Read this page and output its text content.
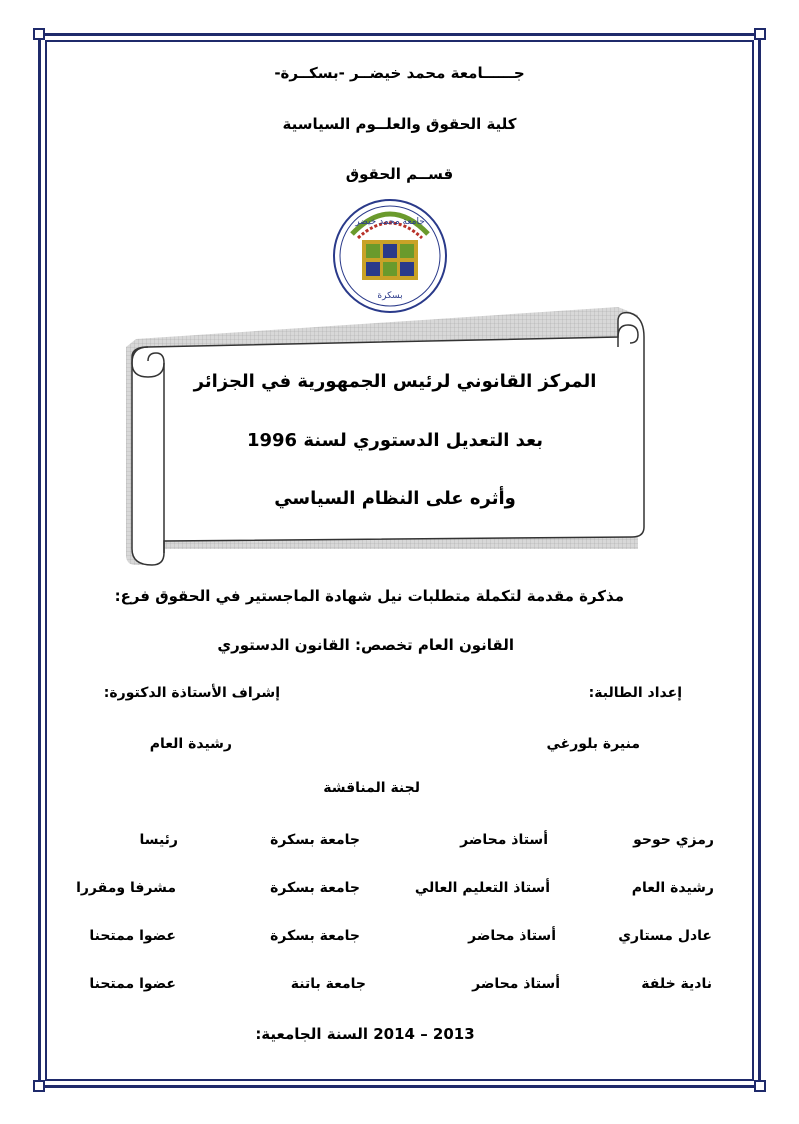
جــــــامعة محمد خيضــر -بسكــرة-
كلية الحقوق والعلــوم السياسية
قســم الحقوق
جامعة محمد خيضر
بسكرة
المركز القانوني لرئيس الجمهورية في الجزائر
بعد التعديل الدستوري لسنة 1996
وأثره على النظام السياسي
مذكرة مقدمة لتكملة متطلبات نيل شهادة الماجستير في الحقوق فرع:
القانون العام تخصص: القانون الدستوري
إعداد الطالبة:
إشراف الأستاذة الدكتورة:
منيرة بلورغي
رشيدة العام
لجنة المناقشة
رمزي حوحو
أستاذ محاضر
جامعة بسكرة
رئيسا
رشيدة العام
أستاذ التعليم العالي
جامعة بسكرة
مشرفا ومقررا
عادل مستاري
أستاذ محاضر
جامعة بسكرة
عضوا ممتحنا
نادية خلفة
أستاذ محاضر
جامعة باتنة
عضوا ممتحنا
السنة الجامعية: 2014 – 2013
